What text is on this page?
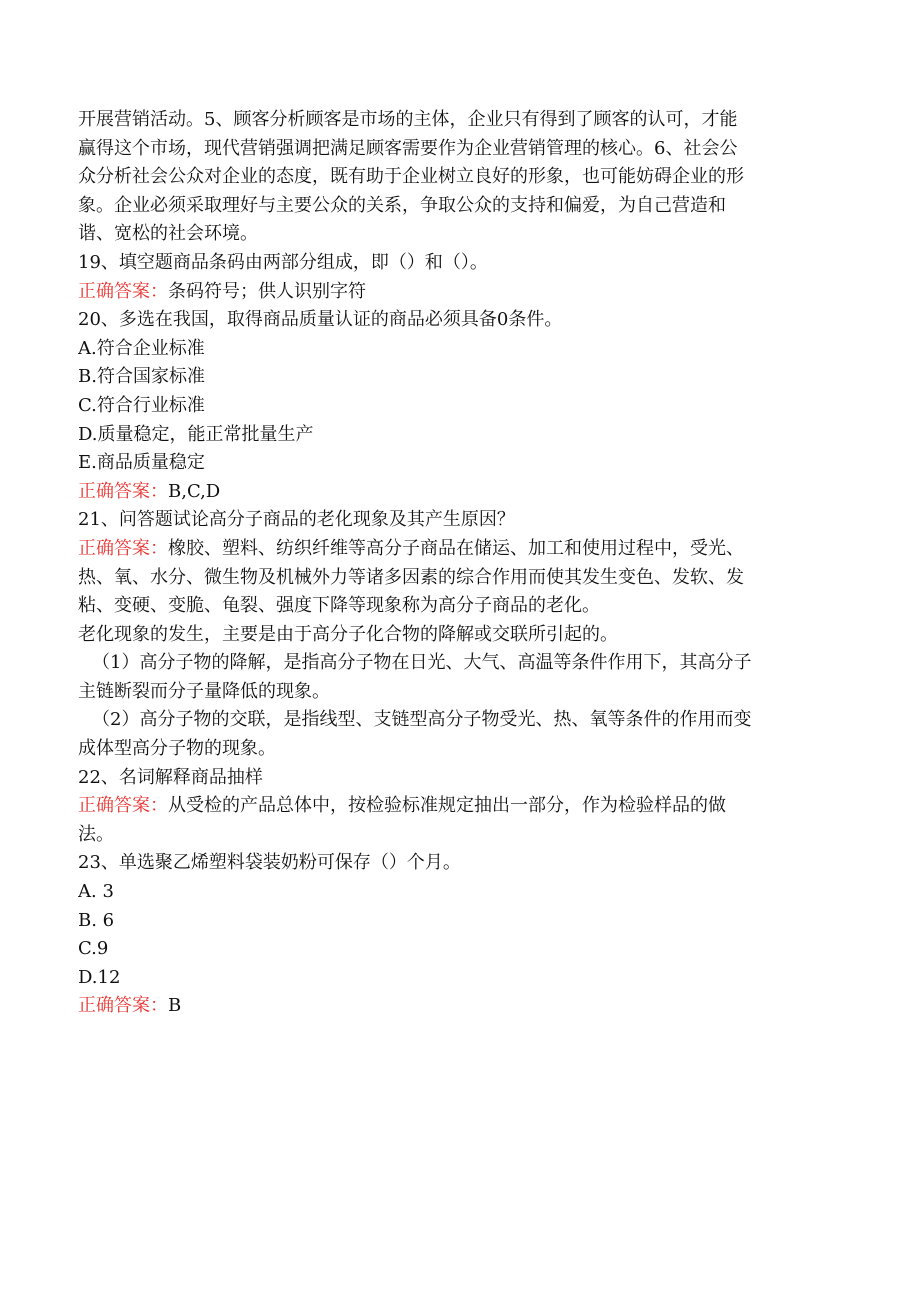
开展营销活动。5、顾客分析顾客是市场的主体，企业只有得到了顾客的认可，才能
赢得这个市场，现代营销强调把满足顾客需要作为企业营销管理的核心。6、社会公
众分析社会公众对企业的态度，既有助于企业树立良好的形象，也可能妨碍企业的形
象。企业必须采取理好与主要公众的关系，争取公众的支持和偏爱，为自己营造和
谐、宽松的社会环境。
19、填空题商品条码由两部分组成，即（）和（）。
正确答案：条码符号；供人识别字符
20、多选在我国，取得商品质量认证的商品必须具备0条件。
A.符合企业标准
B.符合国家标准
C.符合行业标准
D.质量稳定，能正常批量生产
E.商品质量稳定
正确答案：B,C,D
21、问答题试论高分子商品的老化现象及其产生原因？
正确答案：橡胶、塑料、纺织纤维等高分子商品在储运、加工和使用过程中，受光、
热、氧、水分、微生物及机械外力等诸多因素的综合作用而使其发生变色、发软、发
粘、变硬、变脆、龟裂、强度下降等现象称为高分子商品的老化。
老化现象的发生，主要是由于高分子化合物的降解或交联所引起的。
（1）高分子物的降解，是指高分子物在日光、大气、高温等条件作用下，其高分子
主链断裂而分子量降低的现象。
（2）高分子物的交联，是指线型、支链型高分子物受光、热、氧等条件的作用而变
成体型高分子物的现象。
22、名词解释商品抽样
正确答案：从受检的产品总体中，按检验标准规定抽出一部分，作为检验样品的做
法。
23、单选聚乙烯塑料袋装奶粉可保存（）个月。
A. 3
B. 6
C.9
D.12
正确答案：B
